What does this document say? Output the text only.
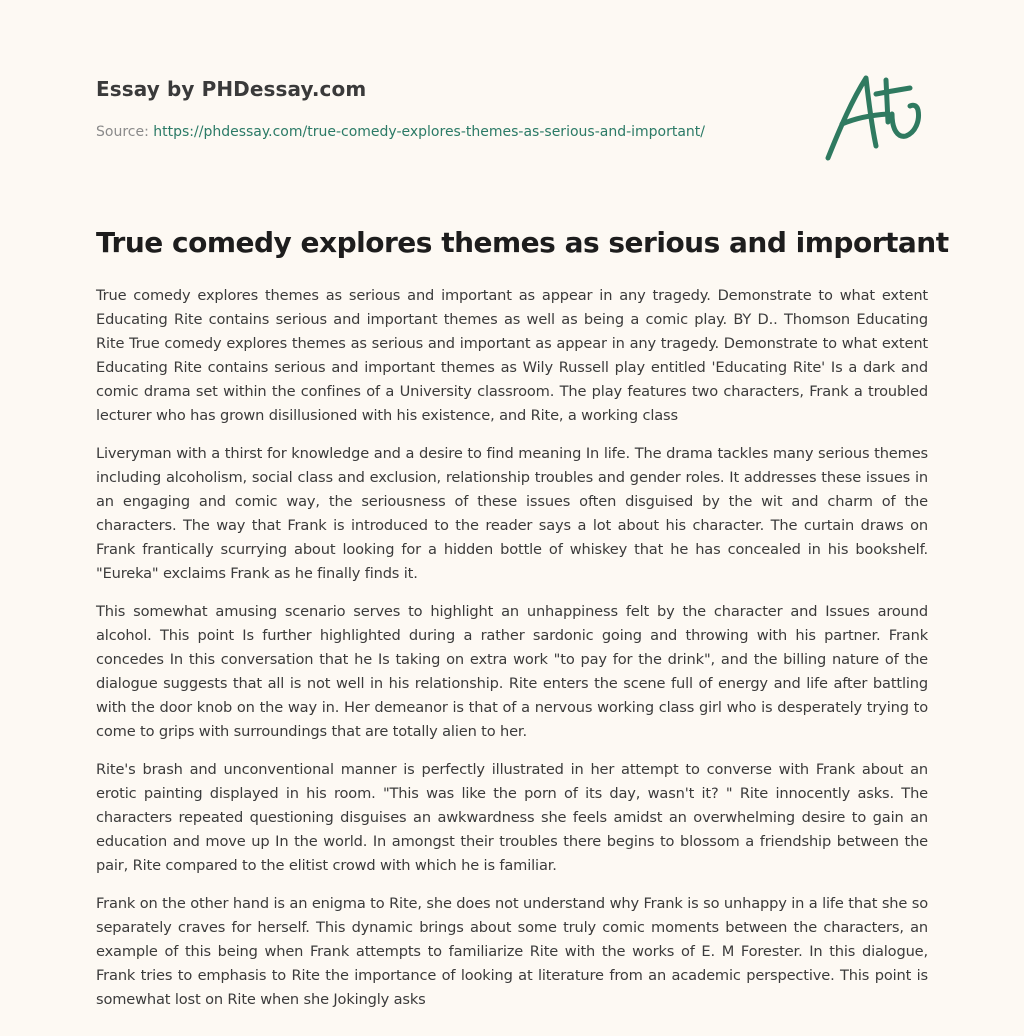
Essay by PHDessay.com
Source: https://phdessay.com/true-comedy-explores-themes-as-serious-and-important/
True comedy explores themes as serious and important

True comedy explores themes as serious and important as appear in any tragedy. Demonstrate to what extent Educating Rite contains serious and important themes as well as being a comic play. BY D.. Thomson Educating Rite True comedy explores themes as serious and important as appear in any tragedy. Demonstrate to what extent Educating Rite contains serious and important themes as Wily Russell play entitled 'Educating Rite' Is a dark and comic drama set within the confines of a University classroom. The play features two characters, Frank a troubled lecturer who has grown disillusioned with his existence, and Rite, a working class

Liveryman with a thirst for knowledge and a desire to find meaning In life. The drama tackles many serious themes including alcoholism, social class and exclusion, relationship troubles and gender roles. It addresses these issues in an engaging and comic way, the seriousness of these issues often disguised by the wit and charm of the characters. The way that Frank is introduced to the reader says a lot about his character. The curtain draws on Frank frantically scurrying about looking for a hidden bottle of whiskey that he has concealed in his bookshelf. "Eureka" exclaims Frank as he finally finds it.

This somewhat amusing scenario serves to highlight an unhappiness felt by the character and Issues around alcohol. This point Is further highlighted during a rather sardonic going and throwing with his partner. Frank concedes In this conversation that he Is taking on extra work "to pay for the drink", and the billing nature of the dialogue suggests that all is not well in his relationship. Rite enters the scene full of energy and life after battling with the door knob on the way in. Her demeanor is that of a nervous working class girl who is desperately trying to come to grips with surroundings that are totally alien to her.

Rite's brash and unconventional manner is perfectly illustrated in her attempt to converse with Frank about an erotic painting displayed in his room. "This was like the porn of its day, wasn't it? " Rite innocently asks. The characters repeated questioning disguises an awkwardness she feels amidst an overwhelming desire to gain an education and move up In the world. In amongst their troubles there begins to blossom a friendship between the pair, Rite compared to the elitist crowd with which he is familiar.

Frank on the other hand is an enigma to Rite, she does not understand why Frank is so unhappy in a life that she so separately craves for herself. This dynamic brings about some truly comic moments between the characters, an example of this being when Frank attempts to familiarize Rite with the works of E. M Forester. In this dialogue, Frank tries to emphasis to Rite the importance of looking at literature from an academic perspective. This point is somewhat lost on Rite when she Jokingly asks
